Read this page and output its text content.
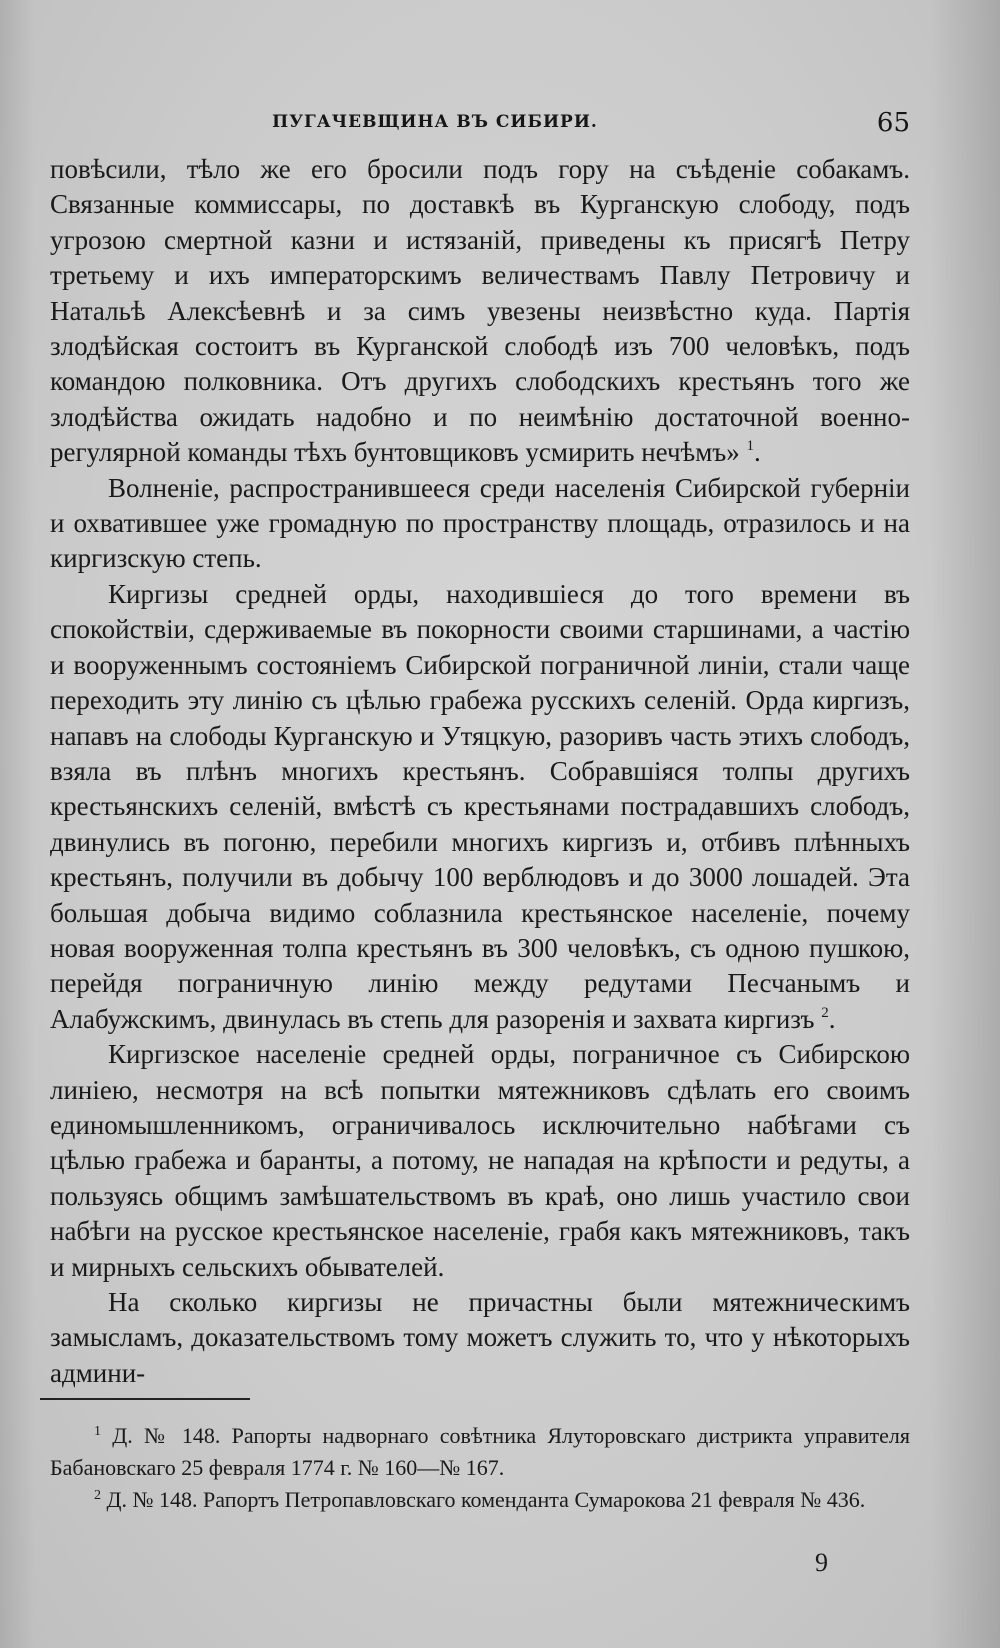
ПУГАЧЕВЩИНА ВЪ СИБИРИ.	65

повѣсили, тѣло же его бросили подъ гору на съѣденіе собакамъ. Связанные коммиссары, по доставкѣ въ Курганскую слободу, подъ угрозою смертной казни и истязаній, приведены къ присягѣ Петру третьему и ихъ императорскимъ величествамъ Павлу Петровичу и Натальѣ Алексѣевнѣ и за симъ увезены неизвѣстно куда. Партія злодѣйская состоитъ въ Курганской слободѣ изъ 700 человѣкъ, подъ командою полковника. Отъ другихъ слободскихъ крестьянъ того же злодѣйства ожидать надобно и по неимѣнію достаточной военно-регулярной команды тѣхъ бунтовщиковъ усмирить нечѣмъ» $^1$.

Волненіе, распространившееся среди населенія Сибирской губерніи и охватившее уже громадную по пространству площадь, отразилось и на киргизскую степь.

Киргизы средней орды, находившіеся до того времени въ спокойствіи, сдерживаемые въ покорности своими старшинами, а частію и вооруженнымъ состояніемъ Сибирской пограничной линіи, стали чаще переходить эту линію съ цѣлью грабежа русскихъ селеній. Орда киргизъ, напавъ на слободы Курганскую и Утяцкую, разоривъ часть этихъ слободъ, взяла въ плѣнъ многихъ крестьянъ. Собравшіяся толпы другихъ крестьянскихъ селеній, вмѣстѣ съ крестьянами пострадавшихъ слободъ, двинулись въ погоню, перебили многихъ киргизъ и, отбивъ плѣнныхъ крестьянъ, получили въ добычу 100 верблюдовъ и до 3000 лошадей. Эта большая добыча видимо соблазнила крестьянское населеніе, почему новая вооруженная толпа крестьянъ въ 300 человѣкъ, съ одною пушкою, перейдя пограничную линію между редутами Песчанымъ и Алабужскимъ, двинулась въ степь для разоренія и захвата киргизъ $^2$.

Киргизское населеніе средней орды, пограничное съ Сибирскою линіею, несмотря на всѣ попытки мятежниковъ сдѣлать его своимъ единомышленникомъ, ограничивалось исключительно набѣгами съ цѣлью грабежа и баранты, а потому, не нападая на крѣпости и редуты, а пользуясь общимъ замѣшательствомъ въ краѣ, оно лишь участило свои набѣги на русское крестьянское населеніе, грабя какъ мятежниковъ, такъ и мирныхъ сельскихъ обывателей.

На сколько киргизы не причастны были мятежническимъ замысламъ, доказательствомъ тому можетъ служить то, что у нѣкоторыхъ админи-

$^1$ Д. № 148. Рапорты надворнаго совѣтника Ялуторовскаго дистрикта управителя Бабановскаго 25 февраля 1774 г. № 160—№ 167.

$^2$ Д. № 148. Рапортъ Петропавловскаго коменданта Сумарокова 21 февраля № 436.

9
